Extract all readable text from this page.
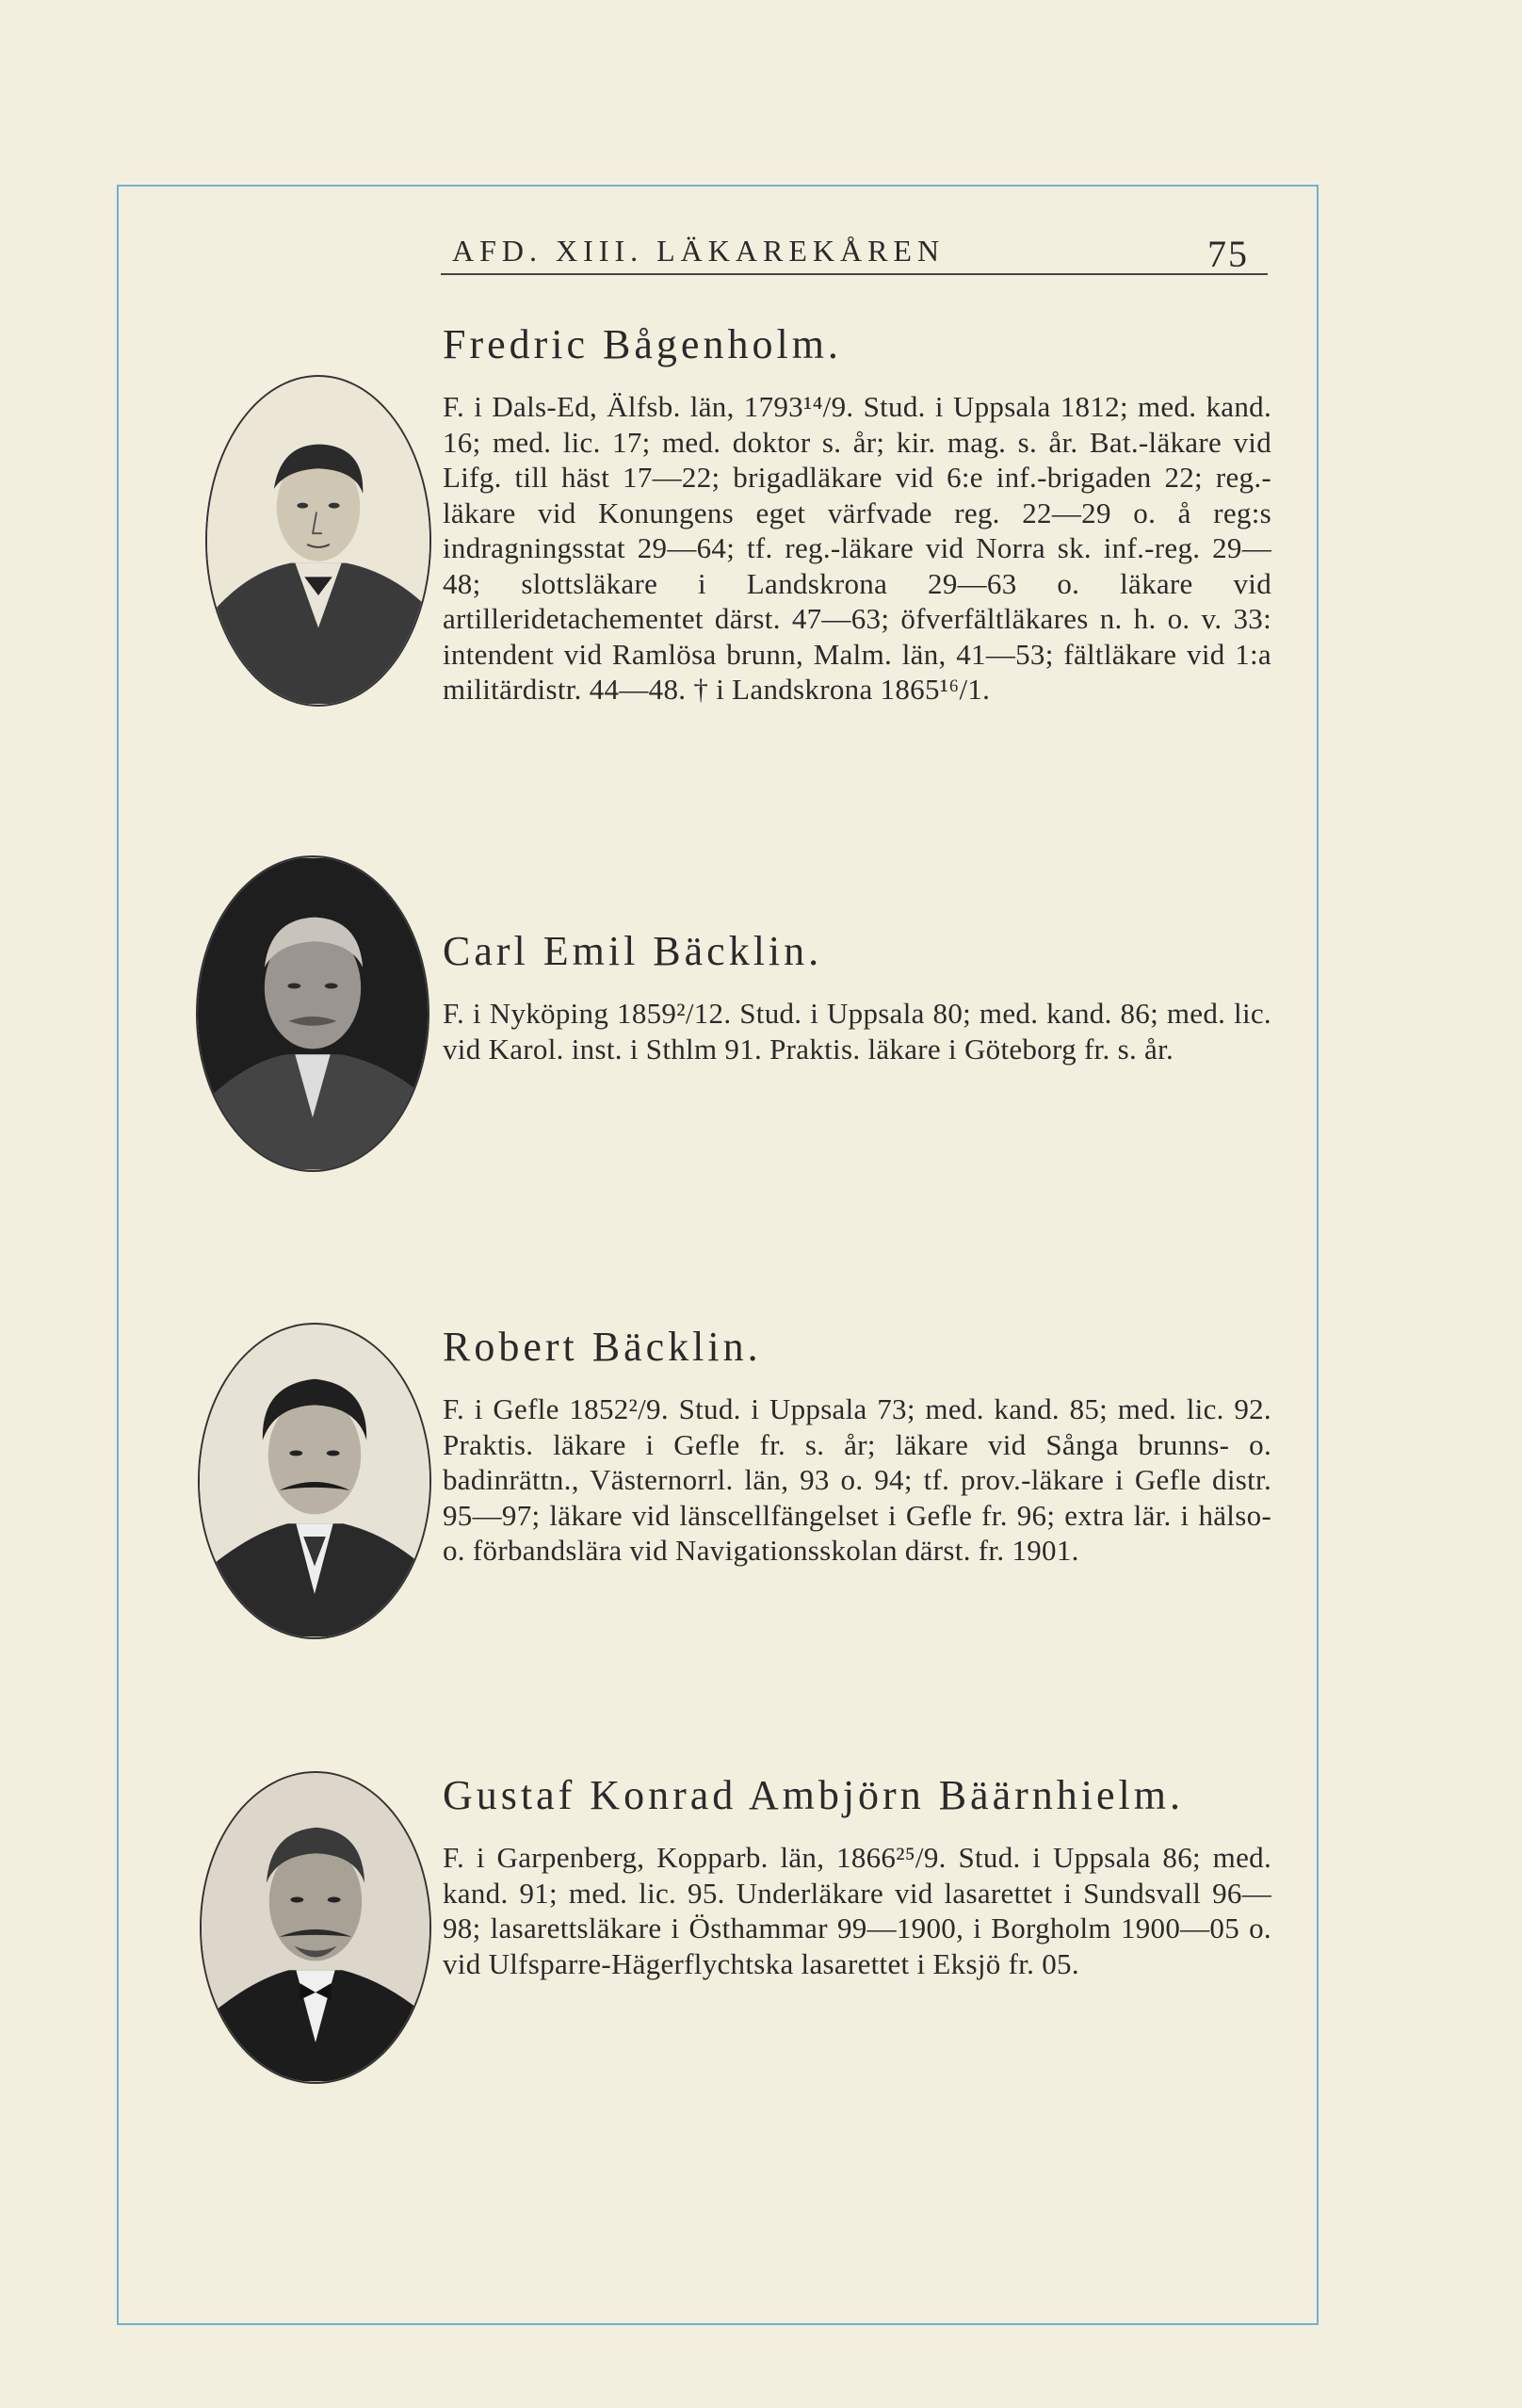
AFD. XIII. LÄKAREKÅREN	75
Fredric Bågenholm.

F. i Dals-Ed, Älfsb. län, 1793¹⁴/9. Stud. i Uppsala 1812; med. kand. 16; med. lic. 17; med. doktor s. år; kir. mag. s. år. Bat.-läkare vid Lifg. till häst 17—22; brigadläkare vid 6:e inf.-brigaden 22; reg.-läkare vid Konungens eget värfvade reg. 22—29 o. å reg:s indragningsstat 29—64; tf. reg.-läkare vid Norra sk. inf.-reg. 29—48; slottsläkare i Landskrona 29—63 o. läkare vid artilleridetachementet därst. 47—63; öfverfältläkares n. h. o. v. 33: intendent vid Ramlösa brunn, Malm. län, 41—53; fältläkare vid 1:a militärdistr. 44—48. † i Landskrona 1865¹⁶/1.

Carl Emil Bäcklin.

F. i Nyköping 1859²/12. Stud. i Uppsala 80; med. kand. 86; med. lic. vid Karol. inst. i Sthlm 91. Praktis. läkare i Göteborg fr. s. år.

Robert Bäcklin.

F. i Gefle 1852²/9. Stud. i Uppsala 73; med. kand. 85; med. lic. 92. Praktis. läkare i Gefle fr. s. år; läkare vid Sånga brunns- o. badinrättn., Västernorrl. län, 93 o. 94; tf. prov.-läkare i Gefle distr. 95—97; läkare vid länscellfängelset i Gefle fr. 96; extra lär. i hälso- o. förbandslära vid Navigationsskolan därst. fr. 1901.

Gustaf Konrad Ambjörn Bäärnhielm.

F. i Garpenberg, Kopparb. län, 1866²⁵/9. Stud. i Uppsala 86; med. kand. 91; med. lic. 95. Underläkare vid lasarettet i Sundsvall 96—98; lasarettsläkare i Östhammar 99—1900, i Borgholm 1900—05 o. vid Ulfsparre-Hägerflychtska lasarettet i Eksjö fr. 05.
